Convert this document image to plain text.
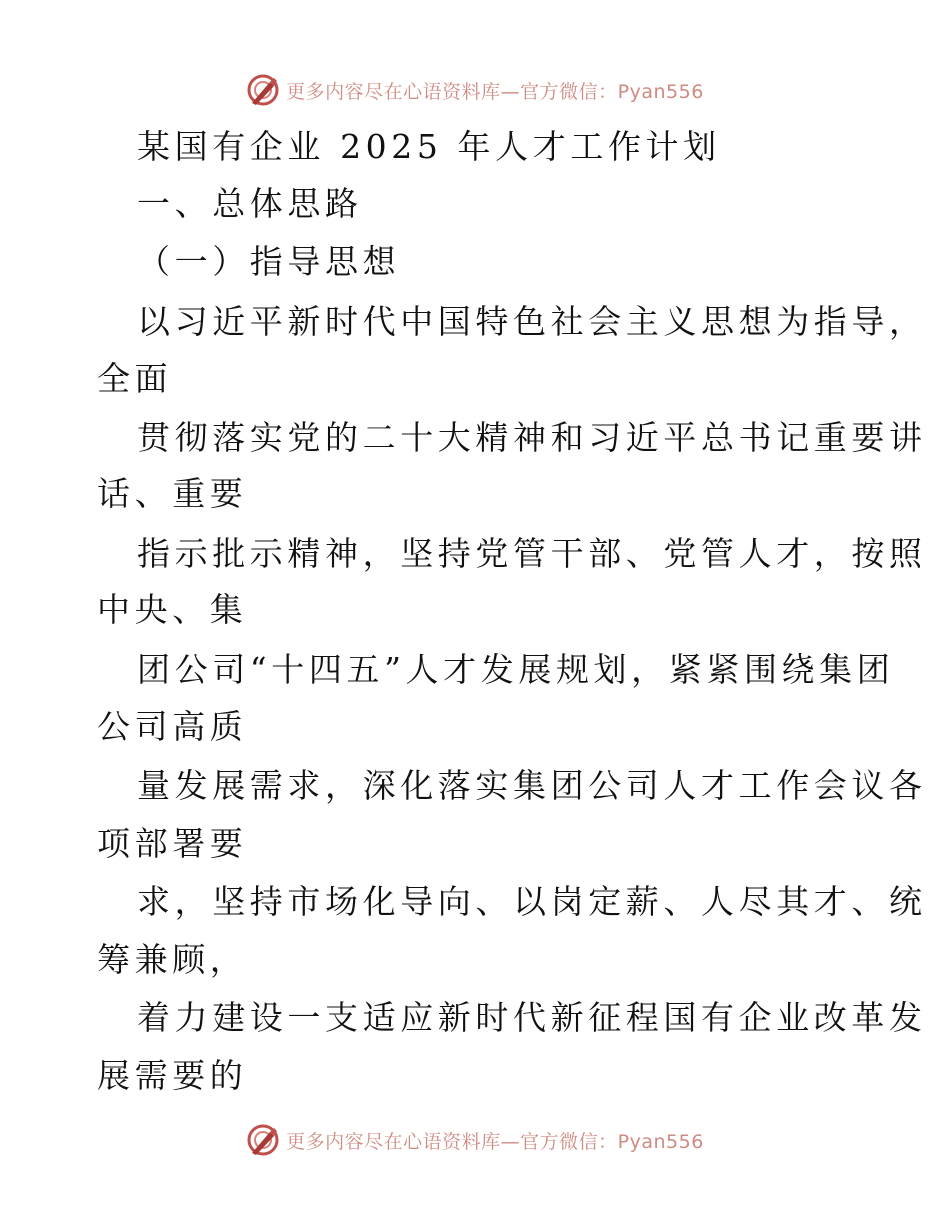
更多内容尽在心语资料库—官方微信：Pyan556
某国有企业 2025 年人才工作计划
一、总体思路
（一）指导思想
以习近平新时代中国特色社会主义思想为指导，
全面
贯彻落实党的二十大精神和习近平总书记重要讲
话、重要
指示批示精神，坚持党管干部、党管人才，按照
中央、集
团公司“十四五”人才发展规划，紧紧围绕集团
公司高质
量发展需求，深化落实集团公司人才工作会议各
项部署要
求，坚持市场化导向、以岗定薪、人尽其才、统
筹兼顾，
着力建设一支适应新时代新征程国有企业改革发
展需要的
更多内容尽在心语资料库—官方微信：Pyan556
